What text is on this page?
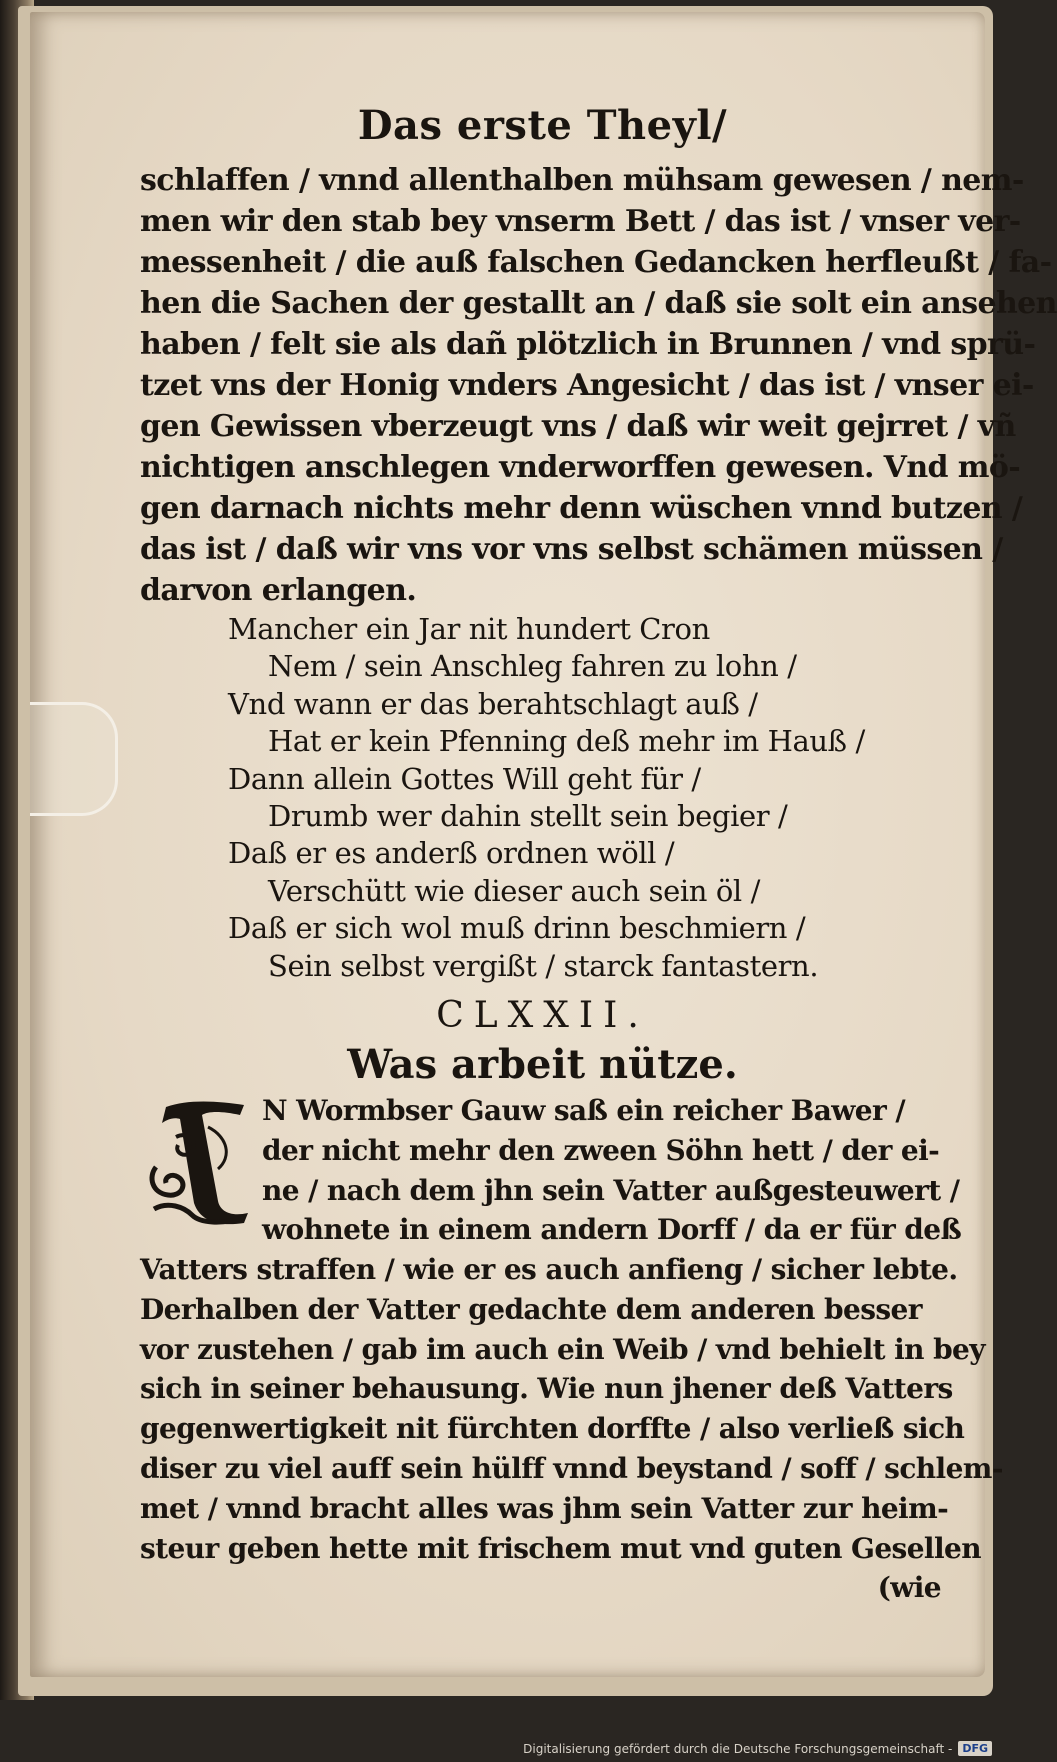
Das erste Theyl/
schlaffen / vnnd allenthalben mühsam gewesen / nem-
men wir den stab bey vnserm Bett / das ist / vnser ver-
messenheit / die auß falschen Gedancken herfleußt / fa-
hen die Sachen der gestallt an / daß sie solt ein ansehen
haben / felt sie als dañ plötzlich in Brunnen / vnd sprü-
tzet vns der Honig vnders Angesicht / das ist / vnser ei-
gen Gewissen vberzeugt vns / daß wir weit gejrret / vñ
nichtigen anschlegen vnderworffen gewesen. Vnd mö-
gen darnach nichts mehr denn wüschen vnnd butzen /
das ist / daß wir vns vor vns selbst schämen müssen /
darvon erlangen.
Mancher ein Jar nit hundert Cron
Nem / sein Anschleg fahren zu lohn /
Vnd wann er das berahtschlagt auß /
Hat er kein Pfenning deß mehr im Hauß /
Dann allein Gottes Will geht für /
Drumb wer dahin stellt sein begier /
Daß er es anderß ordnen wöll /
Verschütt wie dieser auch sein öl /
Daß er sich wol muß drinn beschmiern /
Sein selbst vergißt / starck fantastern.
CLXXII.
Was arbeit nütze.
N Wormbser Gauw saß ein reicher Bawer /
der nicht mehr den zween Söhn hett / der ei-
ne / nach dem jhn sein Vatter außgesteuwert /
wohnete in einem andern Dorff / da er für deß
Vatters straffen / wie er es auch anfieng / sicher lebte.
Derhalben der Vatter gedachte dem anderen besser
vor zustehen / gab im auch ein Weib / vnd behielt in bey
sich in seiner behausung. Wie nun jhener deß Vatters
gegenwertigkeit nit fürchten dorffte / also verließ sich
diser zu viel auff sein hülff vnnd beystand / soff / schlem-
met / vnnd bracht alles was jhm sein Vatter zur heim-
steur geben hette mit frischem mut vnd guten Gesellen
(wie
Digitalisierung gefördert durch die Deutsche Forschungsgemeinschaft - DFG
